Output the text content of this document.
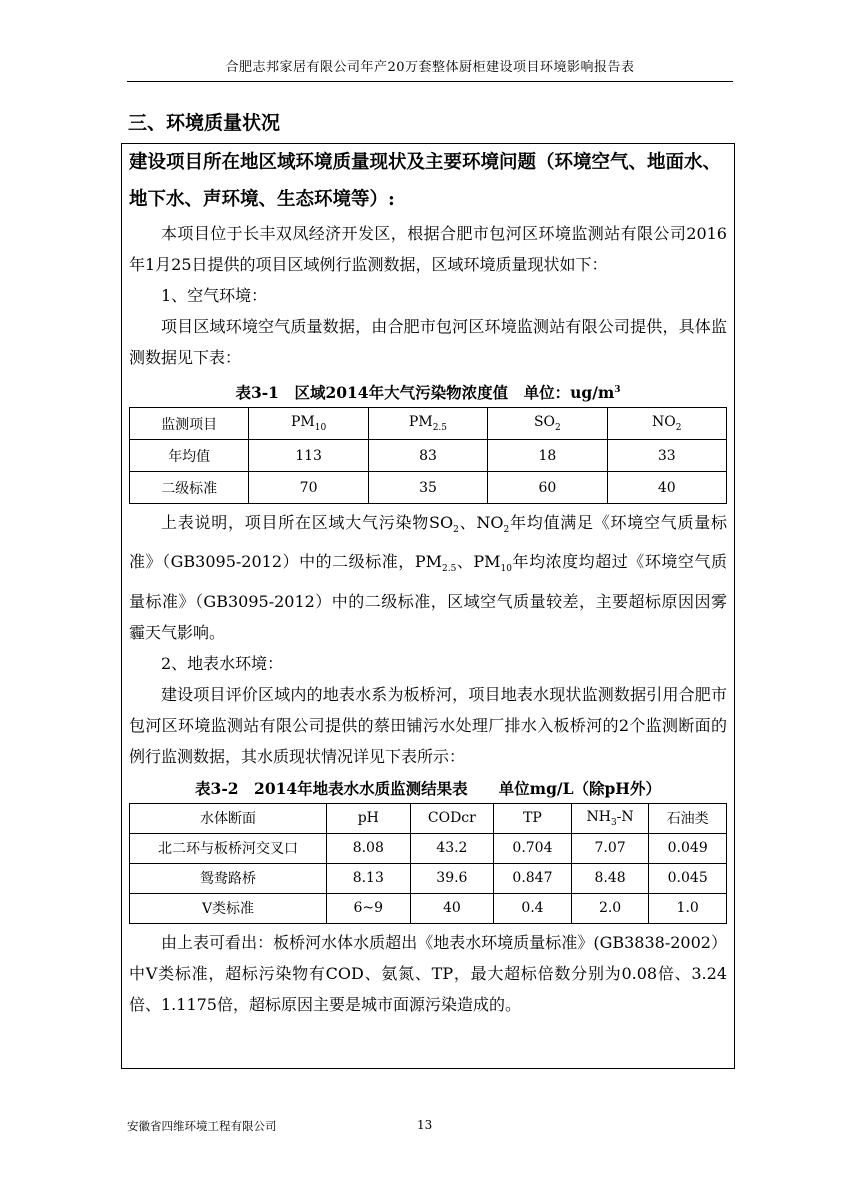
合肥志邦家居有限公司年产20万套整体厨柜建设项目环境影响报告表
三、环境质量状况

建设项目所在地区域环境质量现状及主要环境问题（环境空气、地面水、地下水、声环境、生态环境等）:

本项目位于长丰双凤经济开发区，根据合肥市包河区环境监测站有限公司2016年1月25日提供的项目区域例行监测数据，区域环境质量现状如下：

1、空气环境：

项目区域环境空气质量数据，由合肥市包河区环境监测站有限公司提供，具体监测数据见下表：

表3-1　区域2014年大气污染物浓度值　单位：$ug/m^3$
监测项目	$PM_{10}$	$PM_{2.5}$	$SO_2$	$NO_2$
年均值	113	83	18	33
二级标准	70	35	60	40

上表说明，项目所在区域大气污染物$SO_2$、$NO_2$年均值满足《环境空气质量标准》（GB3095-2012）中的二级标准，$PM_{2.5}$、$PM_{10}$年均浓度均超过《环境空气质量标准》（GB3095-2012）中的二级标准，区域空气质量较差，主要超标原因因雾霾天气影响。

2、地表水环境：

建设项目评价区域内的地表水系为板桥河，项目地表水现状监测数据引用合肥市包河区环境监测站有限公司提供的蔡田铺污水处理厂排水入板桥河的2个监测断面的例行监测数据，其水质现状情况详见下表所示：

表3-2　2014年地表水水质监测结果表　　单位mg/L（除pH外）
水体断面	pH	CODcr	TP	$NH_3-N$	石油类
北二环与板桥河交叉口	8.08	43.2	0.704	7.07	0.049
鸳鸯路桥	8.13	39.6	0.847	8.48	0.045
Ⅴ类标准	6~9	40	0.4	2.0	1.0

由上表可看出：板桥河水体水质超出《地表水环境质量标准》(GB3838-2002）中Ⅴ类标准，超标污染物有COD、氨氮、TP，最大超标倍数分别为0.08倍、3.24倍、1.1175倍，超标原因主要是城市面源污染造成的。

安徽省四维环境工程有限公司	13
